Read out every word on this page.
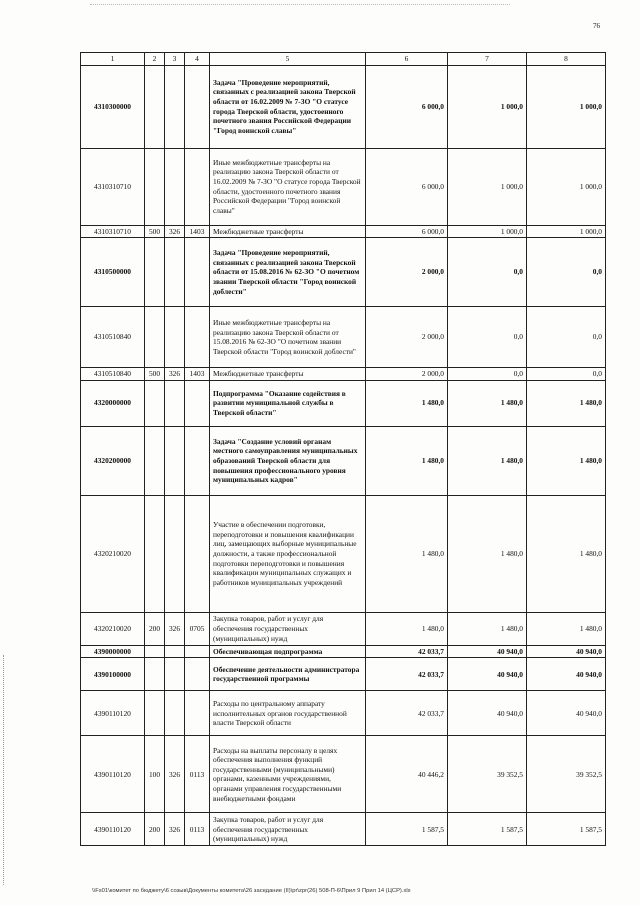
76
1	2	3	4	5	6	7	8
4310300000				Задача "Проведение мероприятий, связанных с реализацией закона Тверской области от 16.02.2009 № 7-ЗО "О статусе города Тверской области, удостоенного почетного звания Российской Федерации "Город воинской славы"	6 000,0	1 000,0	1 000,0
4310310710				Иные межбюджетные трансферты на реализацию закона Тверской области от 16.02.2009 № 7-ЗО "О статусе города Тверской области, удостоенного почетного звания Российской Федерации "Город воинской славы"	6 000,0	1 000,0	1 000,0
4310310710	500	326	1403	Межбюджетные трансферты	6 000,0	1 000,0	1 000,0
4310500000				Задача "Проведение мероприятий, связанных с реализацией закона Тверской области от 15.08.2016 № 62-ЗО "О почетном звании Тверской области "Город воинской доблести"	2 000,0	0,0	0,0
4310510840				Иные межбюджетные трансферты на реализацию закона Тверской области от 15.08.2016 № 62-ЗО "О почетном звании Тверской области "Город воинской доблести"	2 000,0	0,0	0,0
4310510840	500	326	1403	Межбюджетные трансферты	2 000,0	0,0	0,0
4320000000				Подпрограмма "Оказание содействия в развитии муниципальной службы в Тверской области"	1 480,0	1 480,0	1 480,0
4320200000				Задача "Создание условий органам местного самоуправления муниципальных образований Тверской области для повышения профессионального уровня муниципальных кадров"	1 480,0	1 480,0	1 480,0
4320210020				Участие в обеспечении подготовки, переподготовки и повышения квалификации лиц, замещающих выборные муниципальные должности, а также профессиональной подготовки переподготовки и повышения квалификации муниципальных служащих и работников муниципальных учреждений	1 480,0	1 480,0	1 480,0
4320210020	200	326	0705	Закупка товаров, работ и услуг для обеспечения государственных (муниципальных) нужд	1 480,0	1 480,0	1 480,0
4390000000				Обеспечивающая подпрограмма	42 033,7	40 940,0	40 940,0
4390100000				Обеспечение деятельности администратора государственной программы	42 033,7	40 940,0	40 940,0
4390110120				Расходы по центральному аппарату исполнительных органов государственной власти Тверской области	42 033,7	40 940,0	40 940,0
4390110120	100	326	0113	Расходы на выплаты персоналу в целях обеспечения выполнения функций государственными (муниципальными) органами, казенными учреждениями, органами управления государственными внебюджетными фондами	40 446,2	39 352,5	39 352,5
4390110120	200	326	0113	Закупка товаров, работ и услуг для обеспечения государственных (муниципальных) нужд	1 587,5	1 587,5	1 587,5
\\Fs01\комитет по бюджету\6 созыв\Документы комитета\26 заседание (II)\pr\zpr(26) 508-П-6\Прил 9 Прил 14 (ЦСР).xls
